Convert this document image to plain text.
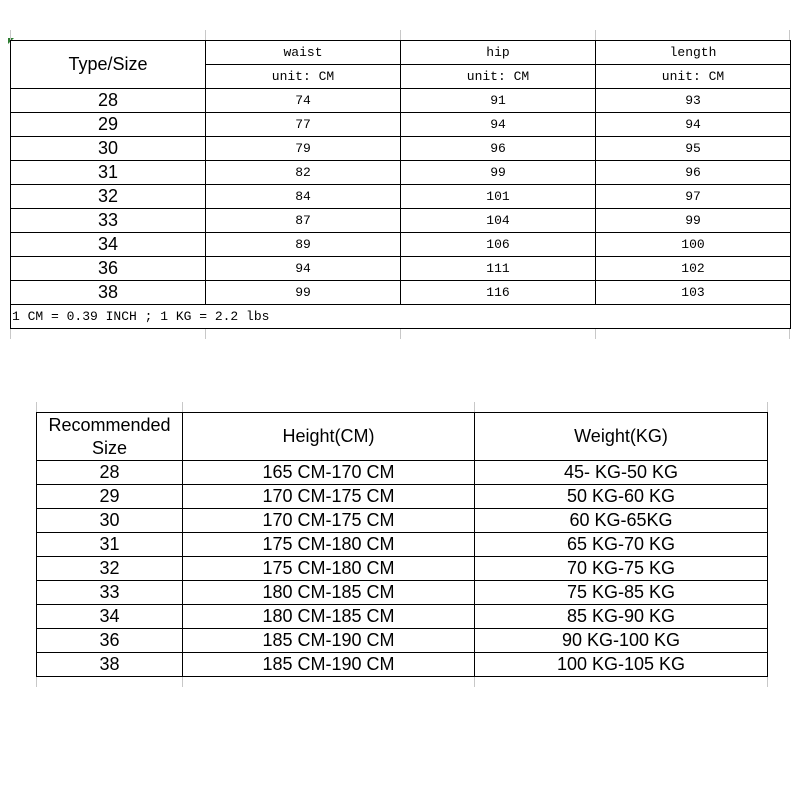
Type/Size	waist	hip	length
	unit: CM	unit: CM	unit: CM
28	74	91	93
29	77	94	94
30	79	96	95
31	82	99	96
32	84	101	97
33	87	104	99
34	89	106	100
36	94	111	102
38	99	116	103
1 CM = 0.39 INCH ; 1 KG = 2.2 lbs			
Recommended Size	Height(CM)	Weight(KG)
28	165 CM-170 CM	45- KG-50 KG
29	170 CM-175 CM	50 KG-60 KG
30	170 CM-175 CM	60 KG-65KG
31	175 CM-180 CM	65 KG-70 KG
32	175 CM-180 CM	70 KG-75 KG
33	180 CM-185 CM	75 KG-85 KG
34	180 CM-185 CM	85 KG-90 KG
36	185 CM-190 CM	90 KG-100 KG
38	185 CM-190 CM	100 KG-105 KG
